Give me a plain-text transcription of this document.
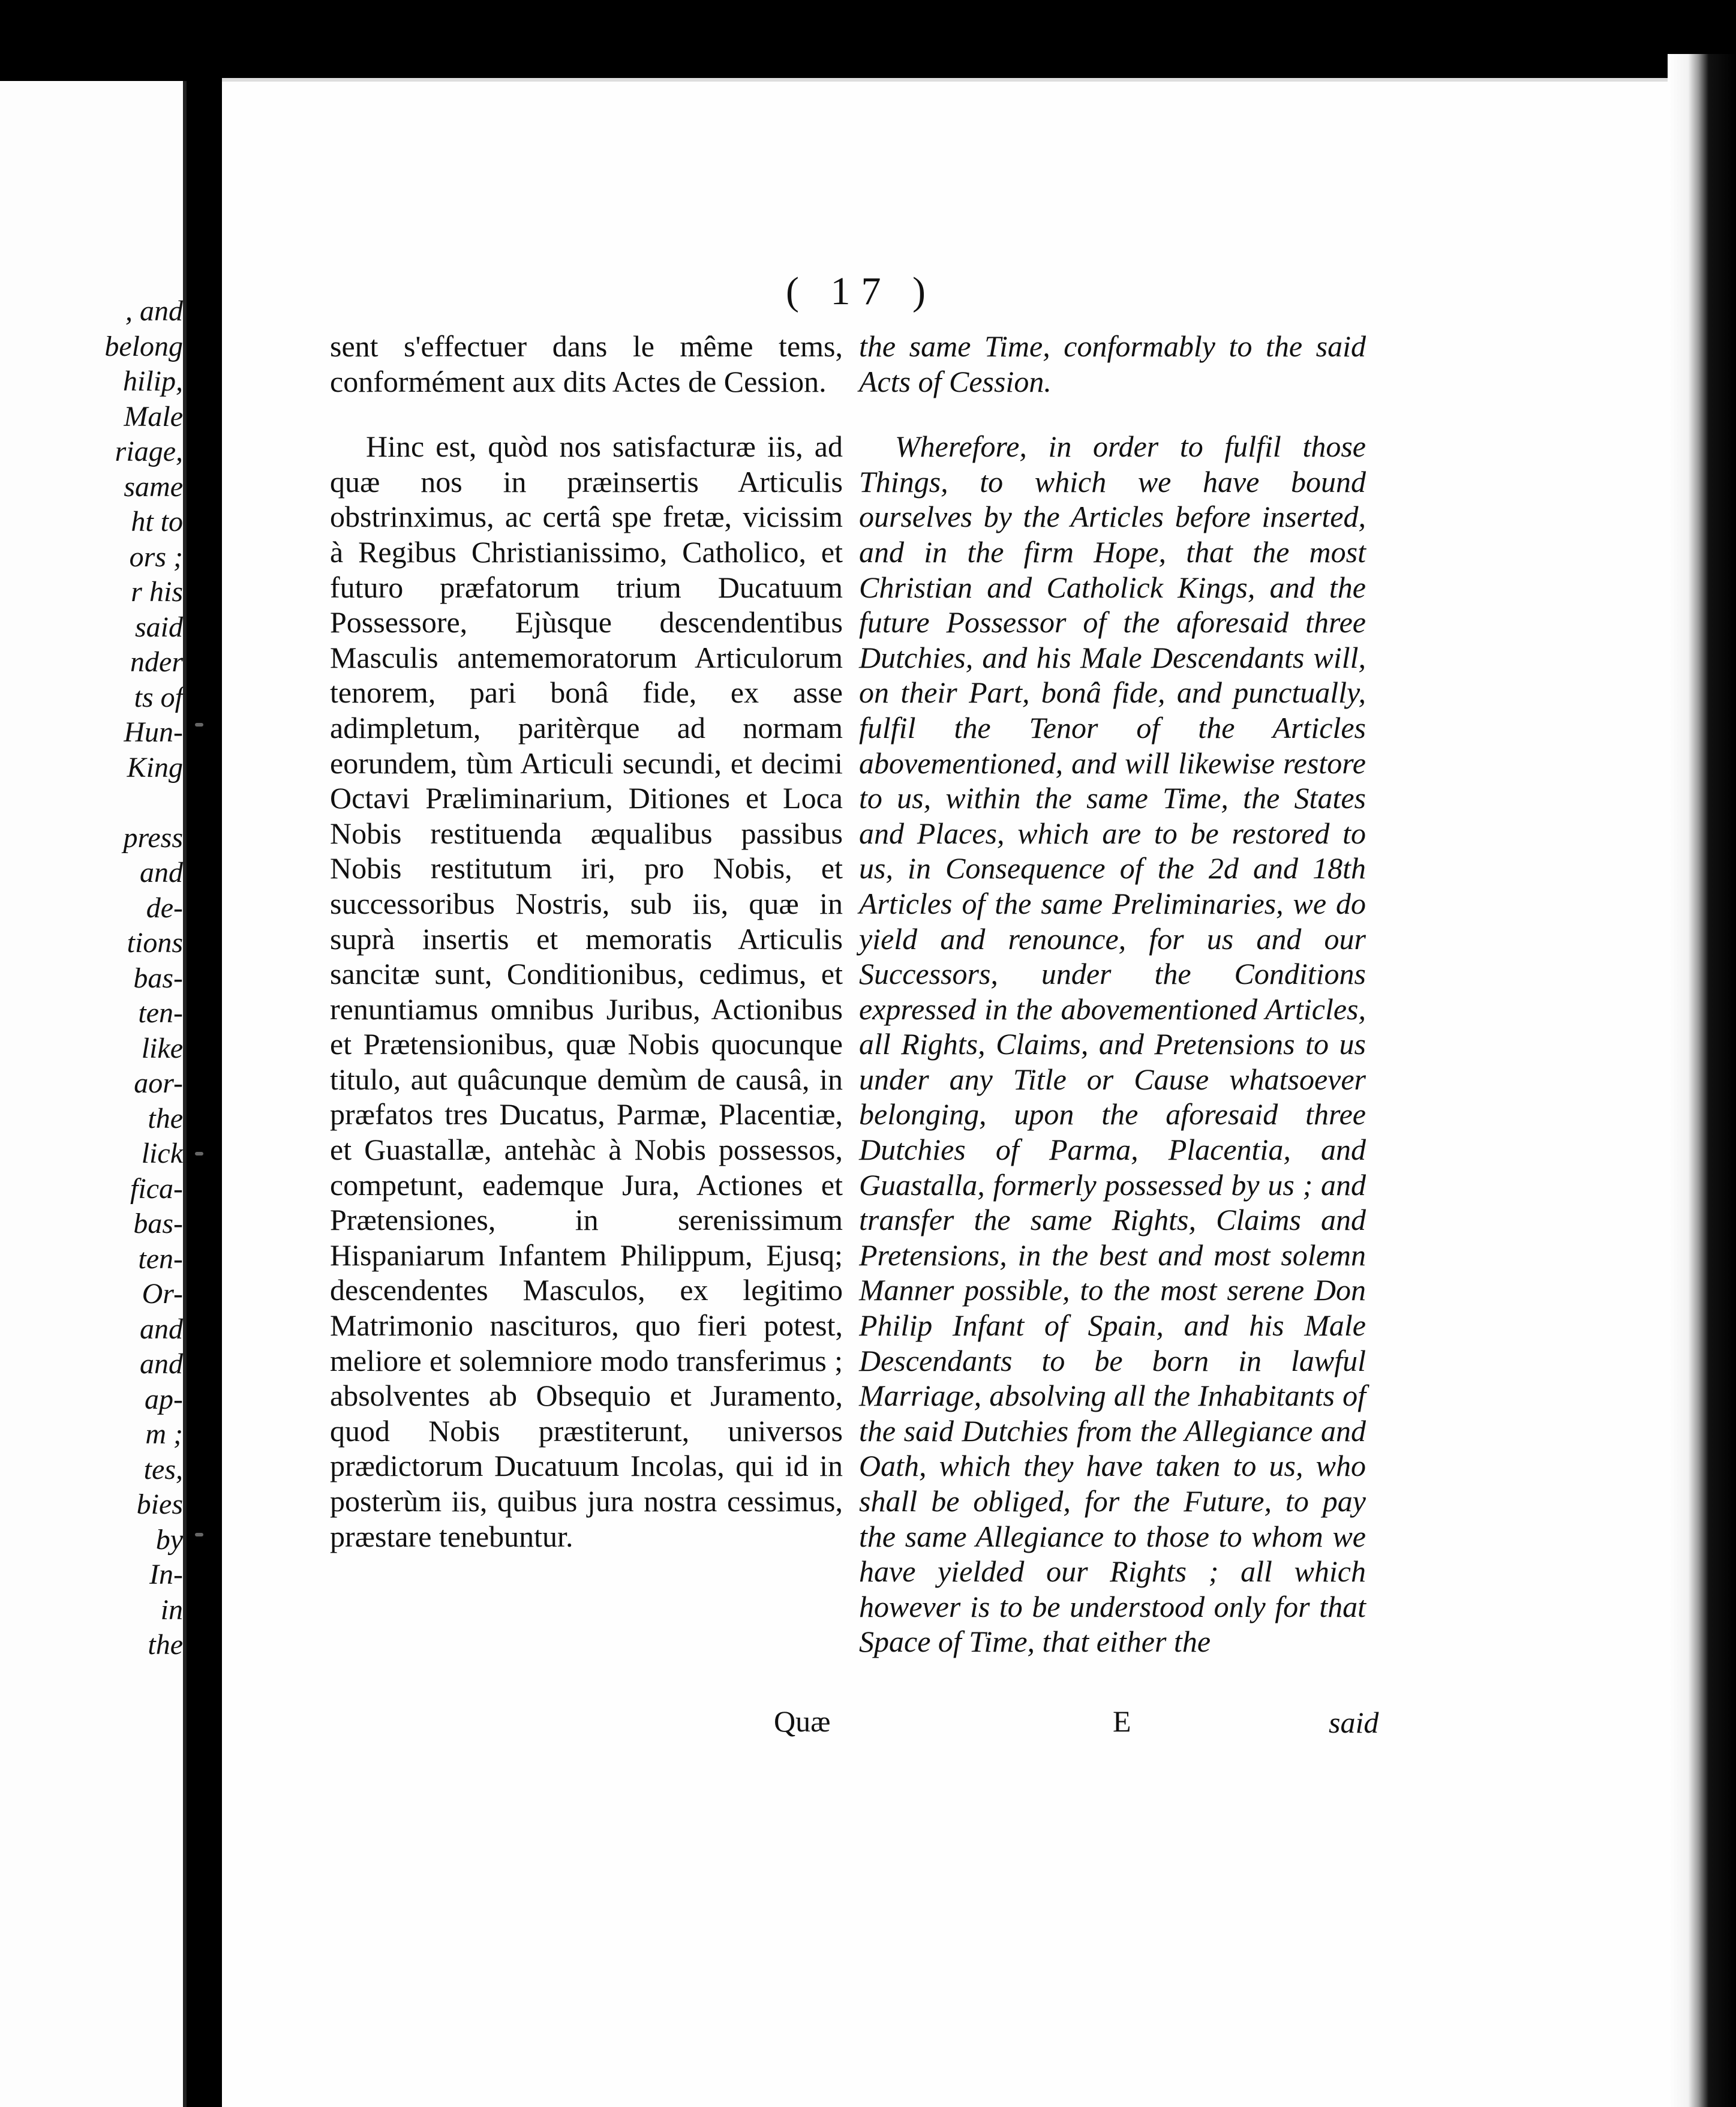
, and
belong
hilip,
Male
riage,
same
ht to
ors ;
r his
said
nder
ts of
Hun-
King

press
and
de-
tions
bas-
ten-
like
aor-
the
lick
fica-
bas-
ten-
Or-
and
and
ap-
m ;
tes,
bies
by
In-
in
the
( 17 )

sent s'effectuer dans le même tems, conformément aux dits Actes de Cession.

Hinc est, quòd nos satisfacturæ iis, ad quæ nos in præinsertis Articulis obstrinximus, ac certâ spe fretæ, vicissim à Regibus Christianissimo, Catholico, et futuro præfatorum trium Ducatuum Possessore, Ejùsque descendentibus Masculis antememoratorum Articulorum tenorem, pari bonâ fide, ex asse adimpletum, paritèrque ad normam eorundem, tùm Articuli secundi, et decimi Octavi Præliminarium, Ditiones et Loca Nobis restituenda æqualibus passibus Nobis restitutum iri, pro Nobis, et successoribus Nostris, sub iis, quæ in suprà insertis et memoratis Articulis sancitæ sunt, Conditionibus, cedimus, et renuntiamus omnibus Juribus, Actionibus et Prætensionibus, quæ Nobis quocunque titulo, aut quâcunque demùm de causâ, in præfatos tres Ducatus, Parmæ, Placentiæ, et Guastallæ, antehàc à Nobis possessos, competunt, eademque Jura, Actiones et Prætensiones, in serenissimum Hispaniarum Infantem Philippum, Ejusq; descendentes Masculos, ex legitimo Matrimonio nascituros, quo fieri potest, meliore et solemniore modo transferimus ; absolventes ab Obsequio et Juramento, quod Nobis præstiterunt, universos prædictorum Ducatuum Incolas, qui id in posterùm iis, quibus jura nostra cessimus, præstare tenebuntur.

the same Time, conformably to the said Acts of Cession.

Wherefore, in order to fulfil those Things, to which we have bound ourselves by the Articles before inserted, and in the firm Hope, that the most Christian and Catholick Kings, and the future Possessor of the aforesaid three Dutchies, and his Male Descendants will, on their Part, bonâ fide, and punctually, fulfil the Tenor of the Articles abovementioned, and will likewise restore to us, within the same Time, the States and Places, which are to be restored to us, in Consequence of the 2d and 18th Articles of the same Preliminaries, we do yield and renounce, for us and our Successors, under the Conditions expressed in the abovementioned Articles, all Rights, Claims, and Pretensions to us under any Title or Cause whatsoever belonging, upon the aforesaid three Dutchies of Parma, Placentia, and Guastalla, formerly possessed by us ; and transfer the same Rights, Claims and Pretensions, in the best and most solemn Manner possible, to the most serene Don Philip Infant of Spain, and his Male Descendants to be born in lawful Marriage, absolving all the Inhabitants of the said Dutchies from the Allegiance and Oath, which they have taken to us, who shall be obliged, for the Future, to pay the same Allegiance to those to whom we have yielded our Rights ; all which however is to be understood only for that Space of Time, that either the

Quæ	E	said
